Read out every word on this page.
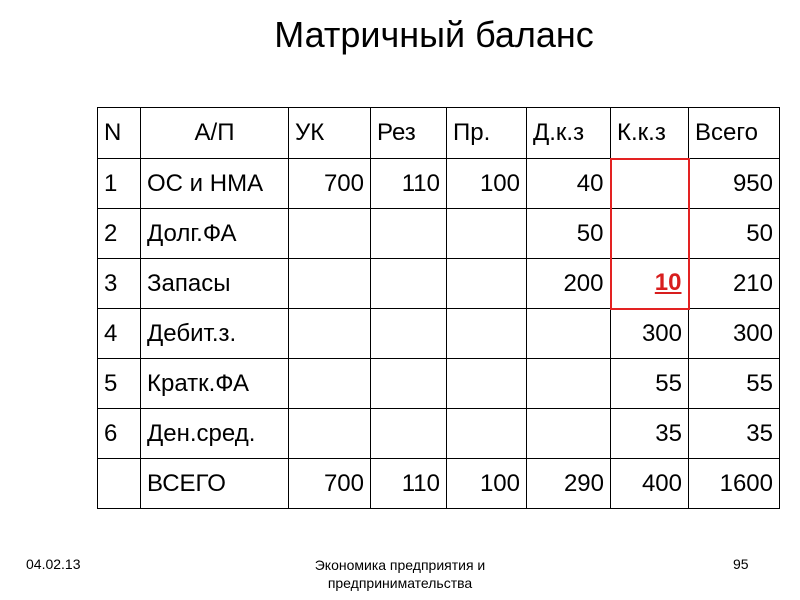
Матричный баланс
N	А/П	УК	Рез	Пр.	Д.к.з	К.к.з	Всего
1	ОС и НМА	700	110	100	40		950
2	Долг.ФА				50		50
3	Запасы				200	10	210
4	Дебит.з.					300	300
5	Кратк.ФА					55	55
6	Ден.сред.					35	35
	ВСЕГО	700	110	100	290	400	1600
04.02.13	Экономика предприятия и предпринимательства
95
